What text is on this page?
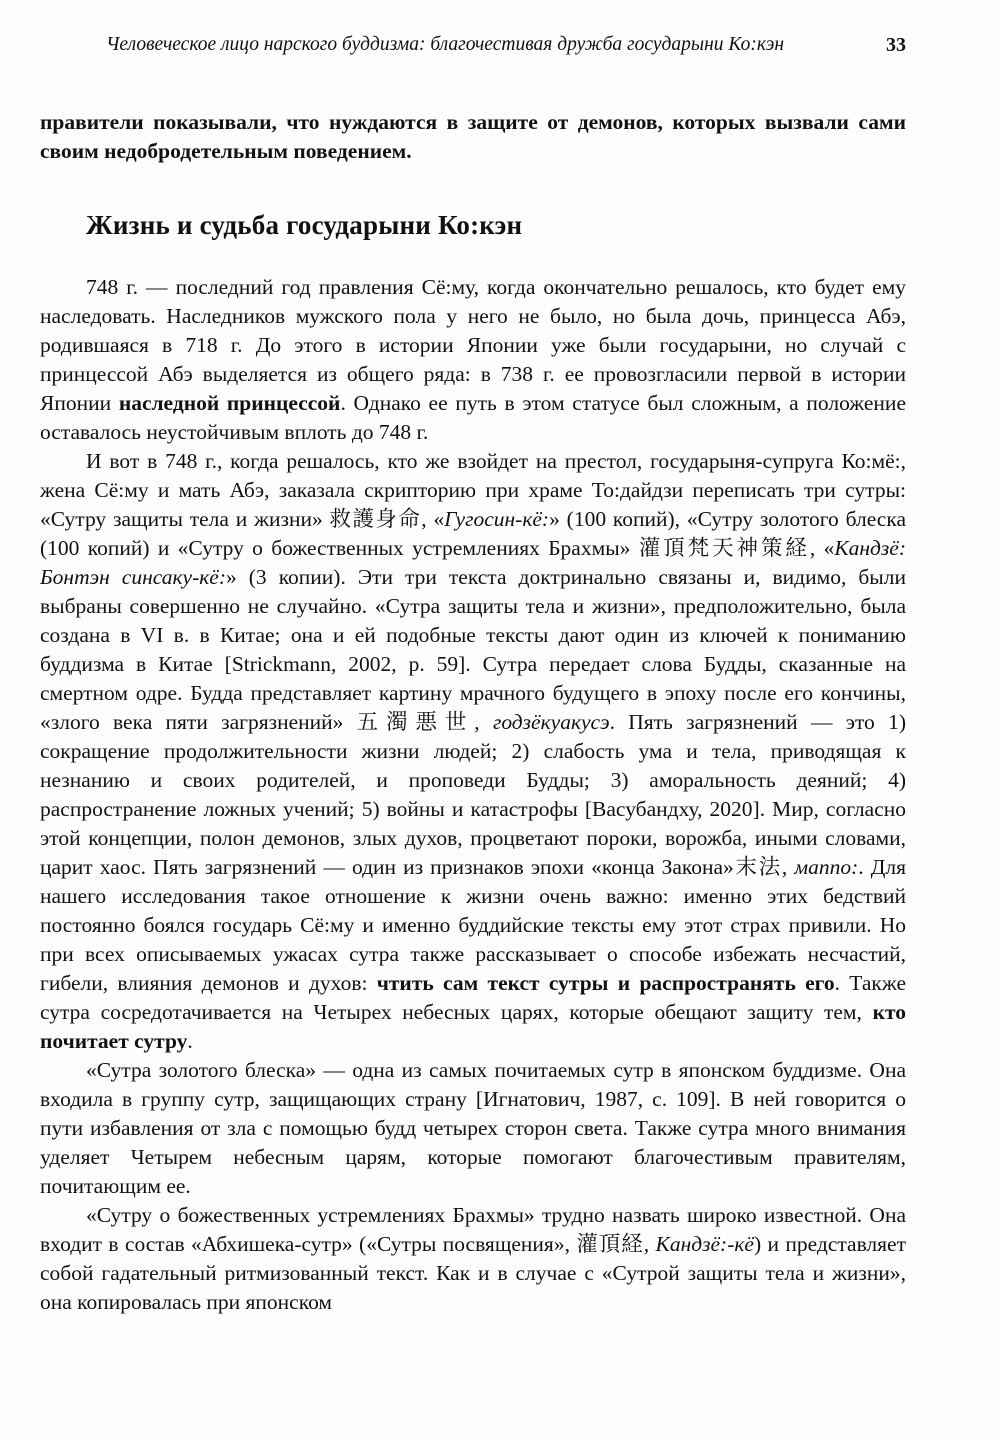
Человеческое лицо нарского буддизма: благочестивая дружба государыни Ко:кэн	33

правители показывали, что нуждаются в защите от демонов, которых вызвали сами своим недобродетельным поведением.

Жизнь и судьба государыни Ко:кэн

748 г. — последний год правления Сё:му, когда окончательно решалось, кто будет ему наследовать. Наследников мужского пола у него не было, но была дочь, принцесса Абэ, родившаяся в 718 г. До этого в истории Японии уже были государыни, но случай с принцессой Абэ выделяется из общего ряда: в 738 г. ее провозгласили первой в истории Японии наследной принцессой. Однако ее путь в этом статусе был сложным, а положение оставалось неустойчивым вплоть до 748 г.

И вот в 748 г., когда решалось, кто же взойдет на престол, государыня-супруга Ко:мё:, жена Сё:му и мать Абэ, заказала скрипторию при храме То:дайдзи переписать три сутры: «Сутру защиты тела и жизни» 救護身命, «Гугосин-кё:» (100 копий), «Сутру золотого блеска (100 копий) и «Сутру о божественных устремлениях Брахмы» 灌頂梵天神策経, «Кандзё: Бонтэн синсаку-кё:» (3 копии). Эти три текста доктринально связаны и, видимо, были выбраны совершенно не случайно. «Сутра защиты тела и жизни», предположительно, была создана в VI в. в Китае; она и ей подобные тексты дают один из ключей к пониманию буддизма в Китае [Strickmann, 2002, p. 59]. Сутра передает слова Будды, сказанные на смертном одре. Будда представляет картину мрачного будущего в эпоху после его кончины, «злого века пяти загрязнений» 五濁悪世, годзёкуакусэ. Пять загрязнений — это 1) сокращение продолжительности жизни людей; 2) слабость ума и тела, приводящая к незнанию и своих родителей, и проповеди Будды; 3) аморальность деяний; 4) распространение ложных учений; 5) войны и катастрофы [Васубандху, 2020]. Мир, согласно этой концепции, полон демонов, злых духов, процветают пороки, ворожба, иными словами, царит хаос. Пять загрязнений — один из признаков эпохи «конца Закона»末法, маппо:. Для нашего исследования такое отношение к жизни очень важно: именно этих бедствий постоянно боялся государь Сё:му и именно буддийские тексты ему этот страх привили. Но при всех описываемых ужасах сутра также рассказывает о способе избежать несчастий, гибели, влияния демонов и духов: чтить сам текст сутры и распространять его. Также сутра сосредотачивается на Четырех небесных царях, которые обещают защиту тем, кто почитает сутру.

«Сутра золотого блеска» — одна из самых почитаемых сутр в японском буддизме. Она входила в группу сутр, защищающих страну [Игнатович, 1987, с. 109]. В ней говорится о пути избавления от зла с помощью будд четырех сторон света. Также сутра много внимания уделяет Четырем небесным царям, которые помогают благочестивым правителям, почитающим ее.

«Сутру о божественных устремлениях Брахмы» трудно назвать широко известной. Она входит в состав «Абхишека-сутр» («Сутры посвящения», 灌頂経, Кандзё:-кё) и представляет собой гадательный ритмизованный текст. Как и в случае с «Сутрой защиты тела и жизни», она копировалась при японском
